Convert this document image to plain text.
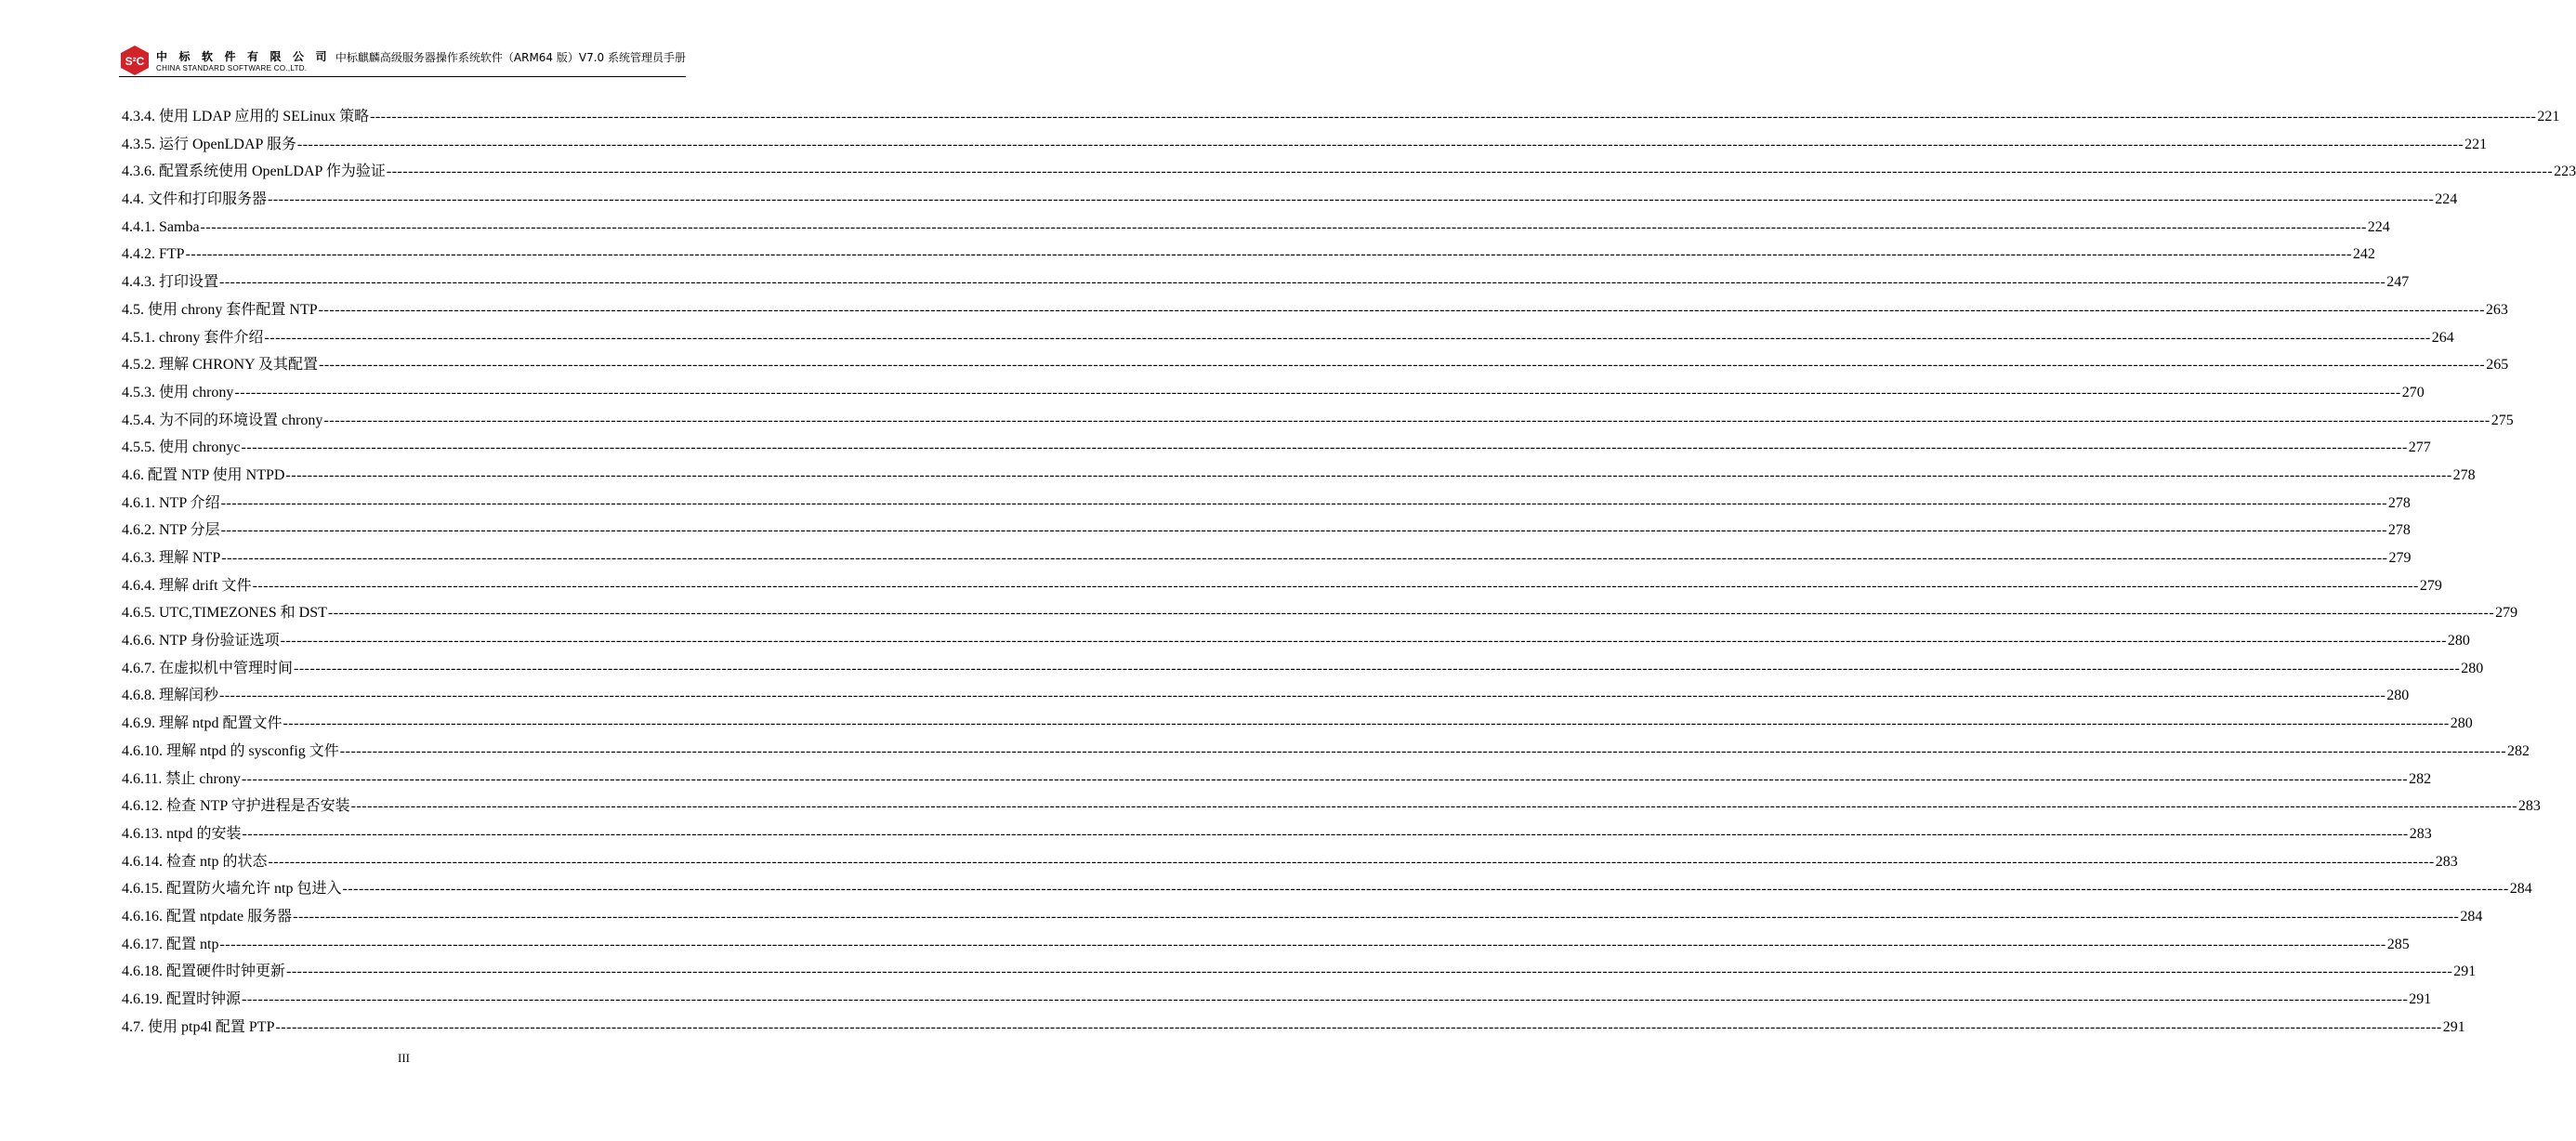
S²C 中标软件有限公司
CHINA STANDARD SOFTWARE CO.,LTD.
中标麒麟高级服务器操作系统软件（ARM64 版）V7.0 系统管理员手册
4.3.4. 使用 LDAP 应用的 SELinux 策略 ---------------------------------------------------------------------------------------------------------------------------------------------------------------------------------------------------------------------------------------------------------------------------------------------------------------------------------------------------------------------------------------------------------------- 221
4.3.5. 运行 OpenLDAP 服务 ---------------------------------------------------------------------------------------------------------------------------------------------------------------------------------------------------------------------------------------------------------------------------------------------------------------------------------------------------------------------------------------------------------------- 221
4.3.6. 配置系统使用 OpenLDAP 作为验证 ---------------------------------------------------------------------------------------------------------------------------------------------------------------------------------------------------------------------------------------------------------------------------------------------------------------------------------------------------------------------------------------------------------------- 223
4.4. 文件和打印服务器 ---------------------------------------------------------------------------------------------------------------------------------------------------------------------------------------------------------------------------------------------------------------------------------------------------------------------------------------------------------------------------------------------------------------- 224
4.4.1. Samba ---------------------------------------------------------------------------------------------------------------------------------------------------------------------------------------------------------------------------------------------------------------------------------------------------------------------------------------------------------------------------------------------------------------- 224
4.4.2. FTP ---------------------------------------------------------------------------------------------------------------------------------------------------------------------------------------------------------------------------------------------------------------------------------------------------------------------------------------------------------------------------------------------------------------- 242
4.4.3. 打印设置 ---------------------------------------------------------------------------------------------------------------------------------------------------------------------------------------------------------------------------------------------------------------------------------------------------------------------------------------------------------------------------------------------------------------- 247
4.5. 使用 chrony 套件配置 NTP ---------------------------------------------------------------------------------------------------------------------------------------------------------------------------------------------------------------------------------------------------------------------------------------------------------------------------------------------------------------------------------------------------------------- 263
4.5.1. chrony 套件介绍 ---------------------------------------------------------------------------------------------------------------------------------------------------------------------------------------------------------------------------------------------------------------------------------------------------------------------------------------------------------------------------------------------------------------- 264
4.5.2. 理解 CHRONY 及其配置 ---------------------------------------------------------------------------------------------------------------------------------------------------------------------------------------------------------------------------------------------------------------------------------------------------------------------------------------------------------------------------------------------------------------- 265
4.5.3. 使用 chrony ---------------------------------------------------------------------------------------------------------------------------------------------------------------------------------------------------------------------------------------------------------------------------------------------------------------------------------------------------------------------------------------------------------------- 270
4.5.4. 为不同的环境设置 chrony ---------------------------------------------------------------------------------------------------------------------------------------------------------------------------------------------------------------------------------------------------------------------------------------------------------------------------------------------------------------------------------------------------------------- 275
4.5.5. 使用 chronyc ---------------------------------------------------------------------------------------------------------------------------------------------------------------------------------------------------------------------------------------------------------------------------------------------------------------------------------------------------------------------------------------------------------------- 277
4.6. 配置 NTP 使用 NTPD ---------------------------------------------------------------------------------------------------------------------------------------------------------------------------------------------------------------------------------------------------------------------------------------------------------------------------------------------------------------------------------------------------------------- 278
4.6.1. NTP 介绍 ---------------------------------------------------------------------------------------------------------------------------------------------------------------------------------------------------------------------------------------------------------------------------------------------------------------------------------------------------------------------------------------------------------------- 278
4.6.2. NTP 分层 ---------------------------------------------------------------------------------------------------------------------------------------------------------------------------------------------------------------------------------------------------------------------------------------------------------------------------------------------------------------------------------------------------------------- 278
4.6.3. 理解 NTP ---------------------------------------------------------------------------------------------------------------------------------------------------------------------------------------------------------------------------------------------------------------------------------------------------------------------------------------------------------------------------------------------------------------- 279
4.6.4. 理解 drift 文件 ---------------------------------------------------------------------------------------------------------------------------------------------------------------------------------------------------------------------------------------------------------------------------------------------------------------------------------------------------------------------------------------------------------------- 279
4.6.5. UTC,TIMEZONES 和 DST ---------------------------------------------------------------------------------------------------------------------------------------------------------------------------------------------------------------------------------------------------------------------------------------------------------------------------------------------------------------------------------------------------------------- 279
4.6.6. NTP 身份验证选项 ---------------------------------------------------------------------------------------------------------------------------------------------------------------------------------------------------------------------------------------------------------------------------------------------------------------------------------------------------------------------------------------------------------------- 280
4.6.7. 在虚拟机中管理时间 ---------------------------------------------------------------------------------------------------------------------------------------------------------------------------------------------------------------------------------------------------------------------------------------------------------------------------------------------------------------------------------------------------------------- 280
4.6.8. 理解闰秒 ---------------------------------------------------------------------------------------------------------------------------------------------------------------------------------------------------------------------------------------------------------------------------------------------------------------------------------------------------------------------------------------------------------------- 280
4.6.9. 理解 ntpd 配置文件 ---------------------------------------------------------------------------------------------------------------------------------------------------------------------------------------------------------------------------------------------------------------------------------------------------------------------------------------------------------------------------------------------------------------- 280
4.6.10. 理解 ntpd 的 sysconfig 文件 ---------------------------------------------------------------------------------------------------------------------------------------------------------------------------------------------------------------------------------------------------------------------------------------------------------------------------------------------------------------------------------------------------------------- 282
4.6.11. 禁止 chrony ---------------------------------------------------------------------------------------------------------------------------------------------------------------------------------------------------------------------------------------------------------------------------------------------------------------------------------------------------------------------------------------------------------------- 282
4.6.12. 检查 NTP 守护进程是否安装 ---------------------------------------------------------------------------------------------------------------------------------------------------------------------------------------------------------------------------------------------------------------------------------------------------------------------------------------------------------------------------------------------------------------- 283
4.6.13. ntpd 的安装 ---------------------------------------------------------------------------------------------------------------------------------------------------------------------------------------------------------------------------------------------------------------------------------------------------------------------------------------------------------------------------------------------------------------- 283
4.6.14. 检查 ntp 的状态 ---------------------------------------------------------------------------------------------------------------------------------------------------------------------------------------------------------------------------------------------------------------------------------------------------------------------------------------------------------------------------------------------------------------- 283
4.6.15. 配置防火墙允许 ntp 包进入 ---------------------------------------------------------------------------------------------------------------------------------------------------------------------------------------------------------------------------------------------------------------------------------------------------------------------------------------------------------------------------------------------------------------- 284
4.6.16. 配置 ntpdate 服务器 ---------------------------------------------------------------------------------------------------------------------------------------------------------------------------------------------------------------------------------------------------------------------------------------------------------------------------------------------------------------------------------------------------------------- 284
4.6.17. 配置 ntp ---------------------------------------------------------------------------------------------------------------------------------------------------------------------------------------------------------------------------------------------------------------------------------------------------------------------------------------------------------------------------------------------------------------- 285
4.6.18. 配置硬件时钟更新 ---------------------------------------------------------------------------------------------------------------------------------------------------------------------------------------------------------------------------------------------------------------------------------------------------------------------------------------------------------------------------------------------------------------- 291
4.6.19. 配置时钟源 ---------------------------------------------------------------------------------------------------------------------------------------------------------------------------------------------------------------------------------------------------------------------------------------------------------------------------------------------------------------------------------------------------------------- 291
4.7. 使用 ptp4l 配置 PTP ---------------------------------------------------------------------------------------------------------------------------------------------------------------------------------------------------------------------------------------------------------------------------------------------------------------------------------------------------------------------------------------------------------------- 291
III
